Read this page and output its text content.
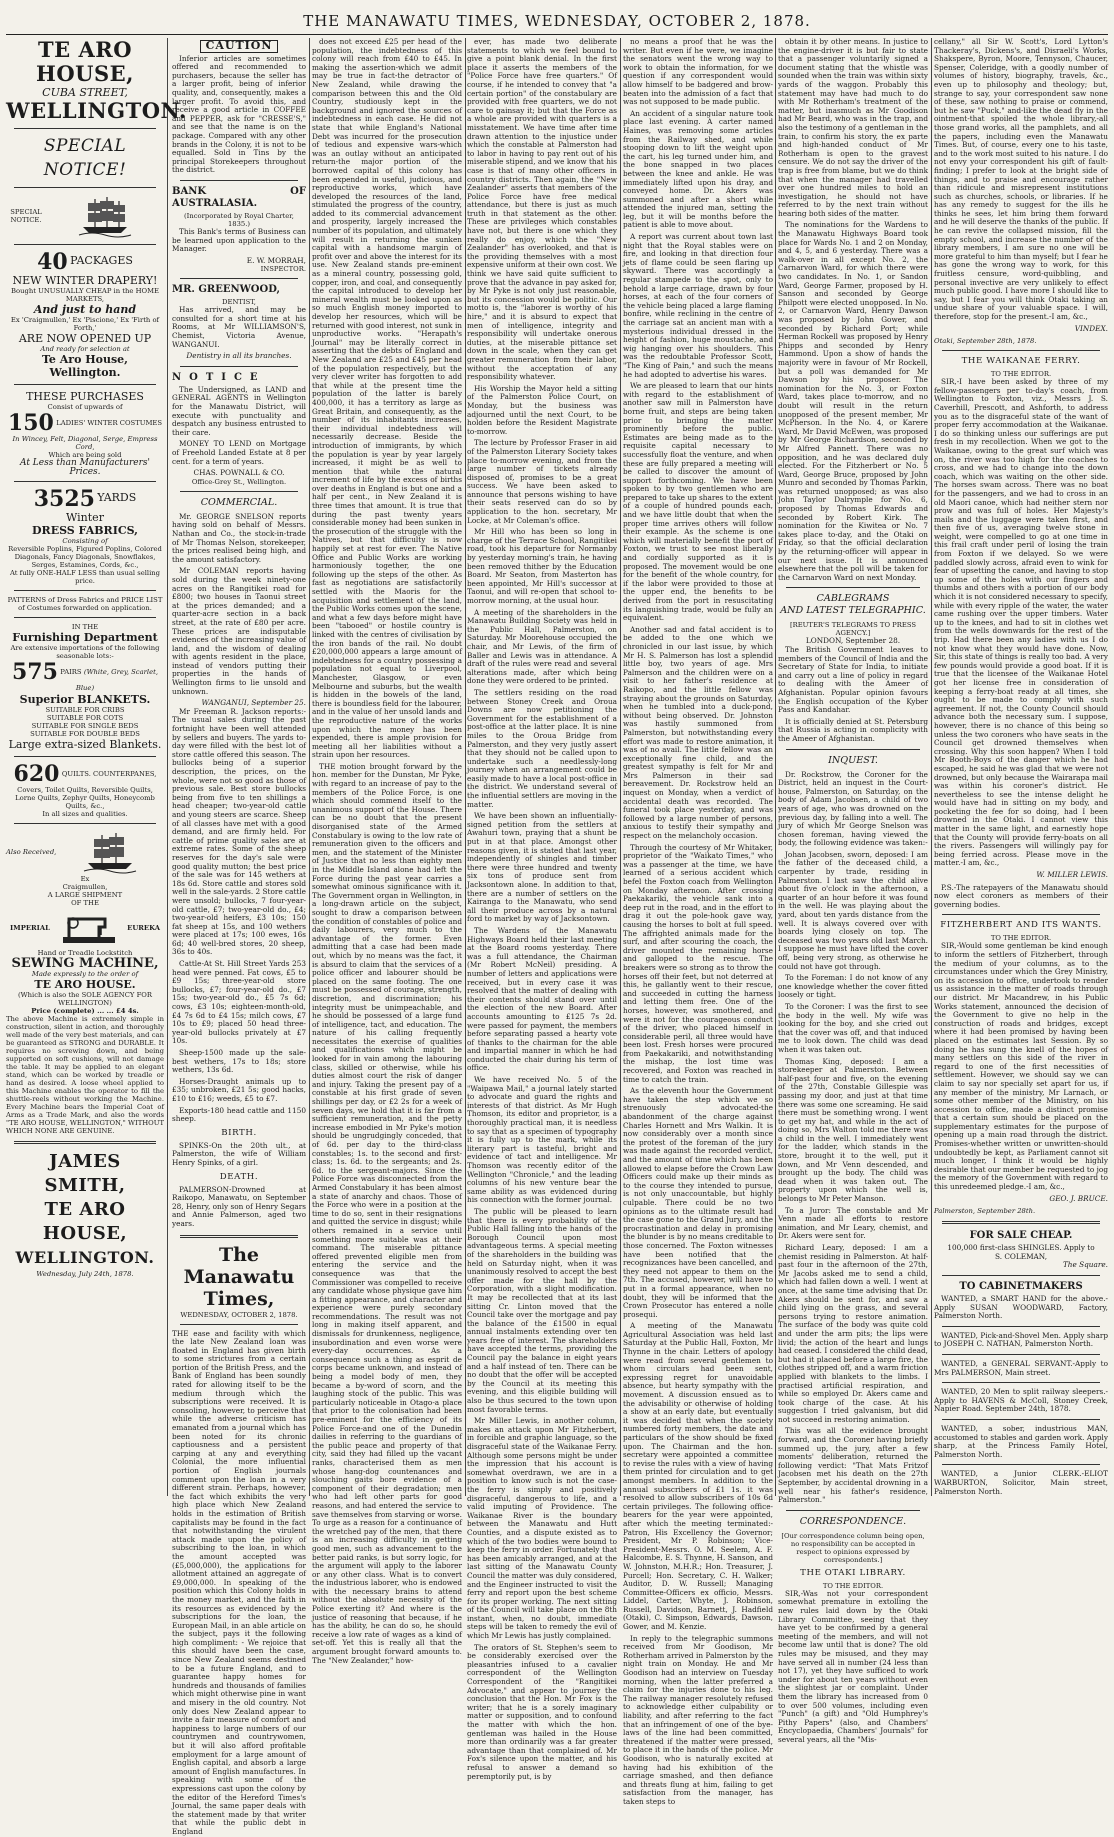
THE MANAWATU TIMES, WEDNESDAY, OCTOBER 2, 1878.
TE ARO HOUSE,
CUBA STREET,
WELLINGTON.
SPECIAL NOTICE!
SPECIAL NOTICE.
40 PACKAGES
NEW WINTER DRAPERY!
Bought UNUSUALLY CHEAP in the HOME MARKETS,
And just to hand
Ex 'Craigmullen,' Ex 'Piscione,' Ex 'Firth of Forth,'
ARE NOW OPENED UP
And ready for selection at
Te Aro House, Wellington.
THESE PURCHASES
Consist of upwards of
150 LADIES' WINTER COSTUMES
In Wincey, Felt, Diagonal, Serge, Empress Cord,
Which are being sold
At Less than Manufacturers' Prices.
3525 YARDS
Winter
DRESS FABRICS,
Consisting of
Reversible Poplins, Figured Poplins, Colored Diagonals, Fancy Diagonals, Snowflakes, Serges, Estamines, Cords, &c.,
At fully ONE-HALF LESS than usual selling price.
PATTERNS of Dress Fabrics and PRICE LIST of Costumes forwarded on application.
IN THE
Furnishing Department
Are extensive importations of the following seasonable lots:-
575 PAIRS (White, Grey, Scarlet, Blue)
Superior BLANKETS.
SUITABLE FOR CRIBS
SUITABLE FOR COTS
SUITABLE FOR SINGLE BEDS
SUITABLE FOR DOUBLE BEDS
Large extra-sized Blankets.
620 QUILTS. COUNTERPANES,
Covers, Toilet Quilts, Reversible Quilts, Lorne Quilts, Zephyr Quilts, Honeycomb Quilts, &c.,
In all sizes and qualities.
Also Received,
Ex
Craigmullen,
A LARGE SHIPMENT
OF THE
IMPERIAL	EUREKA
Hand or Treadle Lockstitch
SEWING MACHINE,
Made expressly to the order of
TE ARO HOUSE.
(Which is also the SOLE AGENCY FOR WELLINGTON)
Price (complete) ... ... £4 4s.
The above Machine is extremely simple in construction, silent in action, and thoroughly well made of the very best materials, and can be guaranteed as STRONG and DURABLE. It requires no screwing down, and being supported on soft cushions, will not damage the table. It may be applied to an elegant stand, which can be worked by treadle or hand as desired. A loose wheel applied to this Machine enables the operator to fill the shuttle-reels without working the Machine. Every Machine bears the Imperial Coat of Arms as a Trade Mark, and also the words "TE ARO HOUSE, WELLINGTON," WITHOUT WHICH NONE ARE GENUINE.
JAMES SMITH,
TE ARO HOUSE,
WELLINGTON.
Wednesday, July 24th, 1878.
CAUTION

Inferior articles are sometimes offered and recommended to purchasers, because the seller has a larger profit, being of inferior quality, and, consequently, makes a larger profit. To avoid this, and receive a good article in COFFEE and PEPPER, ask for "CRESSE'S," and see that the name is on the package. Compared with any other brands in the Colony, it is not to be equalled. Sold in Tins by the principal Storekeepers throughout the district.

BANK OF AUSTRALASIA.
(Incorporated by Royal Charter, 1835.)

This Bank's terms of Business can be learned upon application to the Manager.

E. W. MORRAH,
INSPECTOR.
MR. GREENWOOD,
DENTIST,

Has arrived, and may be consulted for a short time at his Rooms, at Mr WILLIAMSON'S, Chemist, Victoria Avenue, WANGANUI.

Dentistry in all its branches.
NOTICE

The Undersigned, as LAND and GENERAL AGENTS in Wellington for the Manawatu District, will execute with punctuality and despatch any business entrusted to their care.

MONEY TO LEND on Mortgage of Freehold Landed Estate at 8 per cent. for a term of years.

CHAS. POWNALL & CO.
Office-Grey St., Wellington.
COMMERCIAL.

Mr. GEORGE SNELSON reports having sold on behalf of Messrs. Nathan and Co., the stock-in-trade of Mr Thomas Nelson, storekeeper, the prices realised being high, and the amount satisfactory.

Mr COLEMAN reports having sold during the week ninety-one acres on the Rangitikei road for £800; two houses in Taonui street at the prices demanded; and a quarter-acre section in a back street, at the rate of £80 per acre. These prices are indisputable evidences of the increasing value of land, and the wisdom of dealing with agents resident in the place, instead of vendors putting their properties in the hands of Wellington firms to lie unsold and unknown.

WANGANUI, September 25.

Mr Freeman R. Jackson reports:- The usual sales during the past fortnight have been well attended by sellers and buyers. The yards to-day were filled with the best lot of store cattle offered this season. The bullocks being of a superior description, the prices, on the whole, were not so good as those of previous sale. Best store bullocks being from five to ten shillings a head cheaper; two-year-old cattle and young steers are scarce. Sheep of all classes have met with a good demand, and are firmly held. For cattle of prime quality sales are at extreme rates. Some of the sheep reserves for the day's sale were good quality mutton; the best price of the sale was for 145 wethers at 18s 6d. Store cattle and stores sold well in the sale-yards. 2 Store cattle were unsold; bullocks, 7 four-year-old cattle, £7; two-year-old do., £4; two-year-old heifers, £3 10s; 150 fat sheep at 15s, and 100 wethers were placed at 17s; 100 ewes, 16s 6d; 40 well-bred stores, 20 sheep, 36s to 40s.

Cattle-At St. Hill Street Yards 253 head were penned. Fat cows, £5 to £9 15s; three-year-old store bullocks, £7; four-year-old do., £7 15s; two-year-old do., £5 7s 6d; cows, £3 10s; eighteen-month-old, £4 7s 6d to £4 15s; milch cows, £7 10s to £9; placed 50 head three-year-old bullocks privately at £7 10s.

Sheep-1500 made up the sale-best wethers, 17s to 18s; store wethers, 13s 6d.

Horses-Draught animals up to £35; unbroken, £21 5s; good hacks, £10 to £16; weeds, £5 to £7.

Exports-180 head cattle and 1150 sheep.

BIRTH.

SPINKS-On the 20th ult., at Palmerston, the wife of William Henry Spinks, of a girl.

DEATH.

PALMERSON-Drowned at Raikopo, Manawatu, on September 28, Henry, only son of Henry Segars and Annie Palmerson, aged two years.

The Manawatu Times,
WEDNESDAY, OCTOBER 2, 1878.

THE ease and facility with which the late New Zealand loan was floated in England has given birth to some strictures from a certain portion of the British Press, and the Bank of England has been soundly rated for allowing itself to be the medium through which the subscriptions were received. It is consoling, however, to perceive that while the adverse criticism has emanated from a journal which has been noted for its chronic captiousness and a persistent carping at any and everything Colonial, the more influential portion of English journals comment upon the loan in a very different strain. Perhaps, however, the fact which exhibits the very high place which New Zealand holds in the estimation of British capitalists may be found in the fact that notwithstanding the virulent attack made upon the policy of subscribing to the loan, in which the amount accepted was (£5,000,000), the applications for allotment attained an aggregate of £9,000,000. In speaking of the position which this Colony holds in the money market, and the faith in its resources as evidenced by the subscriptions for the loan, the European Mail, in an able article on the subject, pays it the following high compliment: - We rejoice that this should have been the case, since New Zealand seems destined to be a future England, and to guarantee happy homes for hundreds and thousands of families which might otherwise pine in want and misery in the old country. Not only does New Zealand appear to invite a fair measure of comfort and happiness to large numbers of our countrymen and countrywomen, but it will also afford profitable employment for a large amount of English capital, and absorb a large amount of English manufactures. In speaking with some of the expressions cast upon the colony by the editor of the Hereford Times's Journal, the same paper deals with the statement made by that writer that while the public debt in England

does not exceed £25 per head of the population, the indebtedness of this colony will reach from £40 to £45. In making the assertion-which we admit may be true in fact-the detractor of New Zealand, while drawing the comparison between this and the Old Country, studiously kept in the background and ignored the sources of indebtedness in each case. He did not state that while England's National Debt was incurred for the prosecution of tedious and expensive wars-which was an outlay without an anticipated return-the major portion of the borrowed capital of this colony has been expended in useful, judicious, and reproductive works, which have developed the resources of the land, stimulated the progress of the country, added to its commercial advancement and prosperity, largely increased the number of its population, and ultimately will result in returning the sunken capital with a handsome margin of profit over and above the interest for its use. New Zealand stands pre-eminent as a mineral country, possessing gold, copper, iron, and coal, and consequently the capital introduced to develop her mineral wealth must be looked upon as so much English money imported to develop her resources, which will be returned with good interest, not sunk in unproductive works. "Herapath's Journal" may be literally correct in asserting that the debts of England and New Zealand are £25 and £45 per head of the population respectively, but the very clever writer has forgotten to add that while at the present time the population of the latter is barely 400,000, it has a territory as large as Great Britain, and consequently, as the number of its inhabitants increases, their individual indebtedness will necessarily decrease. Beside the introduction of immigrants, by which the population is year by year largely increased, it might be as well to mention that while the natural increment of life by the excess of births over deaths in England is but one and a half per cent., in New Zealand it is three times that amount. It is true that during the past twenty years considerable money had been sunken in the prosecution of the struggle with the Natives, but that difficulty is now happily set at rest for ever. The Native Office and Public Works are working harmoniously together, the one following up the steps of the other. As fast as negotiations are satisfactorily settled with the Maoris for the acquisition and settlement of the land, the Public Works comes upon the scene, and what a few days before might have been "tabooed" or hostile country is linked with the centres of civilisation by the iron bands of the rail. No doubt £20,000,000 appears a large amount of indebtedness for a country possessing a population not equal to Liverpool, Manchester, Glasgow, or even Melbourne and suburbs, but the wealth is hidden in the bowels of the land, there is boundless field for the labourer, and in the value of her unsold lands and the reproductive nature of the works upon which the money has been expended, there is ample provision for meeting all her liabilities without a strain upon her resources.

THE motion brought forward by the hon. member for the Dunstan, Mr Pyke, with regard to an increase of pay to the members of the Police Force, is one which should commend itself to the unanimous support of the House. There can be no doubt that the present disorganised state of the Armed Constabulary is owing to the low rate of remuneration given to the officers and men, and the statement of the Minister of Justice that no less than eighty men in the Middle Island alone had left the Force during the past year carries a somewhat ominous significance with it. The Government organ in Wellington, in a long-drawn article on the subject, sought to draw a comparison between the condition of constables of police and daily labourers, very much to the advantage of the former. Even admitting that a case had been made out, which by no means was the fact, it is absurd to claim that the services of a police officer and labourer should be placed on the same footing. The one must be possessed of courage, strength, discretion, and discrimination; his integrity must be unimpeachable, and he should be possessed of a large fund of intelligence, tact, and education. The nature of his calling frequently necessitates the exercise of qualities and qualifications which might be looked for in vain among the labouring class, skilled or otherwise, while his duties almost court the risk of danger and injury. Taking the present pay of a constable at his first grade of seven shillings per day, or £2 2s for a week of seven days, we hold that it is far from a sufficient remuneration, and the petty increase embodied in Mr Pyke's motion should be ungrudgingly conceded, that of 6d. per day to the third-class constables; 1s. to the second and first-class; 1s. 6d. to the sergeants; and 2s. 6d. to the sergeant-majors. Since the Police Force was disconnected from the Armed Constabulary it has been almost a state of anarchy and chaos. Those of the Force who were in a position at the time to do so, sent in their resignations and quitted the service in disgust; while others remained in a service until something more suitable was at their command. The miserable pittance offered prevented eligible men from entering the service and the consequence was that the Commissioner was compelled to receive any candidate whose physique gave him a fitting appearance, and character and experience were purely secondary recommendations. The result was not long in making itself apparent, and dismissals for drunkenness, negligence, insubordination and even worse were every-day occurrences. As a consequence such a thing as esprit de corps became unknown, and instead of being a model body of men, they became a by-word of scorn, and the laughing stock of the public. This was particularly noticeable in Otago-a place that prior to the colonisation had been pre-eminent for the efficiency of its Police Force-and one of the Dunedin dailies in referring to the guardians of the public peace and property of that city, said they had filled up the vacant ranks, characterised them as men whose hang-dog countenances and slouching gaits bore evidence of a component of their degradation; men who had left other parts for good reasons, and had entered the service to save themselves from starving or worse. To urge as a reason for a continuance of the wretched pay of the men, that there is an increasing difficulty in getting good men, such as advancement to the better paid ranks, is but sorry logic, for the argument will apply to the laborer or any other class. What is to convert the industrious laborer, who is endowed with the necessary brains to attend without the absolute necessity of the Police exerting it? And where is the justice of reasoning that because, if he has the ability, he can do so, he should receive a low rate of wages as a kind of set-off. Yet this is really all that the argument brought forward amounts to. The "New Zealander," how-

ever, has made two deliberate statements to which we feel bound to give a point blank denial. In the first place it asserts the members of the "Police Force have free quarters." Of course, if he intended to convey that "a certain portion" of the constabulary are provided with free quarters, we do not care to gainsay it; but that the Force as a whole are provided with quarters is a misstatement. We have time after time drawn attention to the injustice under which the constable at Palmerston had to labor in having to pay rent out of his miserable stipend, and we know that his case is that of many other officers in country districts. Then again, the "New Zealander" asserts that members of the Police Force have free medical attendance, but there is just as much truth in that statement as the other. These are privileges which constables have not, but there is one which they really do enjoy, which the "New Zealander" has overlooked, and that is the providing themselves with a most expensive uniform at their own cost. We think we have said quite sufficient to prove that the advance in pay asked for, by Mr Pyke is not only just reasonable, but its concession would be politic. Our motto is, the "laborer is worthy of his hire," and it is absurd to expect that men of intelligence, integrity and responsibility will undertake onerous duties, at the miserable pittance set down in the scale, when they can get greater remuneration from their labor, without the acceptation of any responsibility whatever.

His Worship the Mayor held a sitting of the Palmerston Police Court, on Monday, but the business was adjourned until the next Court, to be holden before the Resident Magistrate to-morrow.

The lecture by Professor Fraser in aid of the Palmerston Literary Society takes place to-morrow evening, and from the large number of tickets already disposed of, promises to be a great success. We have been asked to announce that persons wishing to have their seats reserved can do so by application to the hon. secretary, Mr Locke, at Mr Coleman's office.

Mr Hill who has been so long in charge of the Terrace School, Rangitikei road, took his departure for Normanby by yesterday morning's train, he having been removed thither by the Education Board. Mr Seaton, from Masterton has been appointed, Mr Hill's successor at Taonui, and will re-open that school to-morrow morning, at the usual hour.

A meeting of the shareholders in the Manawatu Building Society was held in the Public Hall, Palmerston, on Saturday. Mr Moorehouse occupied the chair, and Mr Lewis, of the firm of Baller and Lewis was in attendance. A draft of the rules were read and several alterations made, after which being done they were ordered to be printed.

The settlers residing on the road between Stoney Creek and Oroua Downs are now petitioning the Government for the establishment of a post-office at the latter place. It is nine miles to the Oroua Bridge from Palmerston, and they very justly assert that they should not be called upon to undertake such a needlessly-long journey when an arrangement could be easily made to have a local post-office in the district. We understand several of the influential settlers are moving in the matter.

We have been shown an influentially-signed petition from the settlers at Awahuri town, praying that a shunt be put in at that place. Amongst other reasons given, it is stated that last year, independently of shingles and timber there were three hundred and twenty six tons of produce sent from Jacksontown alone. In addition to that, there are a number of settlers on the Kairanga to the Manawatu, who send all their produce across by a natural ford to market by way of Jacksontown.

The Wardens of the Manawatu Highways Board held their last meeting at the Board rooms yesterday. There was a full attendance, the Chairman (Mr Robert McNeil) presiding. A number of letters and applications were received, but in every case it was resolved that the matter of dealing with their contents should stand over until the election of the new Board. After accounts amounting to £125 7s 2d. were passed for payment, the members before separating passed a hearty vote of thanks to the chairman for the able and impartial manner in which he had conducted the chair during his term of office.

We have received No. 5 of the "Waipawa Mail," a journal lately started to advocate and guard the rights and interests of that district. As Mr Hugh Thomson, its editor and proprietor, is a thoroughly practical man, it is needless to say that as a specimen of typography it is fully up to the mark, while its literary part is tasteful, bright and evidence of tact and intelligence. Mr Thomson was recently editor of the Wellington "Chronicle," and the leading columns of his new venture bear the same ability as was evidenced during his connection with the former journal.

The public will be pleased to learn that there is every probability of the Public Hall falling into the hands of the Borough Council upon most advantageous terms. A special meeting of the shareholders in the building was held on Saturday night, when it was unanimously resolved to accept the best offer made for the hall by the Corporation, with a slight modification. It may be recollected that at its last sitting Cr. Linton moved that the Council take over the mortgage and pay the balance of the £1500 in equal annual instalments extending over ten years free of interest. The shareholders have accepted the terms, providing the Council pay the balance in eight years and a half instead of ten. There can be no doubt that the offer will be accepted by the Council at its meeting this evening, and this eligible building will also be thus secured to the town upon most favorable terms.

Mr Miller Lewis, in another column, makes an attack upon Mr Fitzherbert, in forcible and graphic language, so the disgraceful state of the Waikanae Ferry. Although some persons might be under the impression that his account is somewhat overdrawn, we are in a position to know such is not the case-the ferry is simply and positively disgraceful, dangerous to life, and a valid imputing of Providence. The Waikanae River is the boundary between the Manawatu and Hutt Counties, and a dispute existed as to which of the two bodies were bound to keep the ferry in order. Fortunately that has been amicably arranged, and at the last sitting of the Manawatu County Council the matter was duly considered, and the Engineer instructed to visit the ferry and report upon the best scheme for its proper working. The next sitting of the Council will take place on the 8th instant, when, no doubt, immediate steps will be taken to remedy the evil of which Mr Lewis has justly complained.

The orators of St. Stephen's seem to be considerably exercised over the pleasantries infused to a cavalier correspondent of the Wellington Correspondent of the "Rangitikei Advocate," and appear to journey the conclusion that the Hon. Mr Fox is the writer; that he is a sorely imaginary matter or supposition, and to confound the matter with which the hon. gentleman was hailed in the House more than ordinarily was a far greater advantage than that complained of. Mr Fox's silence upon the matter, and his refusal to answer a demand so peremptorily put, is by

no means a proof that he was the writer. But even if he were, we imagine the senators went the wrong way to work to obtain the information, for we question if any correspondent would allow himself to be badgered and brow-beaten into the admission of a fact that was not supposed to be made public.

An accident of a singular nature took place last evening. A carter named Haines, was removing some articles from the Railway shed, and while stooping down to lift the weight upon the cart, his leg turned under him, and the bone snapped in two places between the knee and ankle. He was immediately lifted upon his dray, and conveyed home. Dr. Akers was summoned and after a short while attended the injured man, setting the leg, but it will be months before the patient is able to move about.

A report was current about town last night that the Royal stables were on fire, and looking in that direction four jets of flame could be seen flaring up skyward. There was accordingly a regular stampede to the spot, only to behold a large carriage, drawn by four horses, at each of the four corners of the vehicle being placed a large flaming bonfire, while reclining in the centre of the carriage sat an ancient man with a mysterious individual dressed in the height of fashion, huge moustache, and wig hanging over his shoulders. This was the redoubtable Professor Scott, "The King of Pain," and such the means he had adopted to advertise his wares.

We are pleased to learn that our hints with regard to the establishment of another saw mill in Palmerston have borne fruit, and steps are being taken prior to bringing the matter prominently before the public. Estimates are being made as to the requisite capital necessary to successfully float the venture, and when these are fully prepared a meeting will be called to discover the amount of support forthcoming. We have been spoken to by two gentlemen who are prepared to take up shares to the extent of a couple of hundred pounds each, and we have little doubt that when the proper time arrives others will follow their example. As the scheme is one which will materially benefit the port of Foxton, we trust to see most liberally and cordially supported as it is proposed. The movement would be one for the benefit of the whole country, for if the labor were provided to those at the upper end, the benefits to be derived from the port in resuscitating its languishing trade, would be fully an equivalent.

Another sad and fatal accident is to be added to the one which we chronicled in our last issue, by which Mr H. S. Palmerson has lost a splendid little boy, two years of age. Mrs Palmerson and the children were on a visit to her father's residence at Raikopo, and the little fellow was straying about the grounds on Saturday, when he tumbled into a duck-pond, without being observed. Dr. Johnston was hastily summoned from Palmerston, but notwithstanding every effort was made to restore animation, it was of no avail. The little fellow was an exceptionally fine child, and the greatest sympathy is felt for Mr and Mrs Palmerson in their sad bereavement. Dr. Rockstrow held an inquest on Monday, when a verdict of accidental death was recorded. The funeral took place yesterday, and was followed by a large number of persons, anxious to testify their sympathy and respect on the melancholy occasion.

Through the courtesy of Mr Whitaker, proprietor of the "Waikato Times," who was a passenger at the time, we have learned of a serious accident which befel the Foxton coach from Wellington on Monday afternoon. After crossing Paekakariki, the vehicle sank into a deep rut in the road, and in the effort to drag it out the pole-hook gave way, causing the horses to bolt at full speed. The affrighted animals made for the surf, and after scouring the coach, the driver mounted the remaining horse and galloped to the rescue. The breakers were so strong as to throw the horses off their feet, but not deterred at this, he gallantly went to their rescue, and succeeded in cutting the harness and letting them free. One of the horses, however, was smothered, and were it not for the courageous conduct of the driver, who placed himself in considerable peril, all three would have been lost. Fresh horses were procured from Paekakariki, and notwithstanding the mishap, the lost time was recovered, and Foxton was reached in time to catch the train.

As the eleventh hour the Government have taken the step which we so strenuously advocated-the abandonment of the charge against Charles Hornett and Mrs Walkin. It is now considerably over a month since the protest of the foreman of the jury was made against the recorded verdict, and the amount of time which has been allowed to elapse before the Crown Law Officers could make up their minds as to the course they intended to pursue, is not only unaccountable, but highly culpable. There could be no two opinions as to the ultimate result had the case gone to the Grand Jury, and the procrastination and delay in promising the blunder is by no means creditable to those concerned. The Foxton witnesses have been notified that the recognizances have been cancelled, and they need not appear to them on the 7th. The accused, however, will have to put in a formal appearance, when no doubt, they will be informed that the Crown Prosecutor has entered a nolle prosequi.

A meeting of the Manawatu Agricultural Association was held last Saturday at the Public Hall, Foxton, Mr Thynne in the chair. Letters of apology were read from several gentlemen to whom circulars had been sent, expressing regret for unavoidable absence, but hearty sympathy with the movement. A discussion ensued as to the advisability or otherwise of holding a show at an early date, but eventually it was decided that when the society numbered forty members, the date and particulars of the show should be fixed upon. The Chairman and the hon. secretary were appointed a committee to revise the rules with a view of having them printed for circulation and to get amongst members. In addition to the annual subscribers of £1 1s. it was resolved to allow subscribers of 10s 6d certain privileges. The following office-bearers for the year were appointed, after which the meeting terminated:-Patron, His Excellency the Governor; President, Mr P. Robinson; Vice-President-Messrs. O. M. Seelem, A. F. Halcombe, E. S. Thynne, H. Sanson, and W. Johnston, M.H.R.; Hon. Treasurer, J. Purcell; Hon. Secretary, C. H. Walker; Auditor, D. W. Russell; Managing Committee-Officers ex officio, Messrs. Liddel, Carter, Whyte, J. Robinson, Russell, Davidson, Barnett, J. Hadfield (Otaki), C. Simpson, Edwards, Dawson, Gower, and M. Kenzie.

In reply to the telegraphic summons received from Mr Goodison, Mr Rotherham arrived in Palmerston by the night train on Monday. He and Mr Goodison had an interview on Tuesday morning, when the latter preferred a claim for the injuries done to his leg. The railway manager resolutely refused to acknowledge either culpability or liability, and after referring to the fact that an infringement of one of the bye-laws of the line had been committed, threatened if the matter were pressed, to place it in the hands of the police. Mr Goodison, who is naturally excited at having had his exhibition of the carriage smashed, and then defiance and threats flung at him, failing to get satisfaction from the manager, has taken steps to

obtain it by other means. In justice to the engine-driver it is but fair to state that a passenger voluntarily signed a document stating that the whistle was sounded when the train was within sixty yards of the waggon. Probably this statement may have had much to do with Mr Rotherham's treatment of the matter, but inasmuch as Mr Goodison had Mr Beard, who was in the trap, and also the testimony of a gentleman in the train, to confirm his story, the ex parte and high-handed conduct of Mr Rotherham is open to the gravest censure. We do not say the driver of the trap is free from blame, but we do think that when the manager had travelled over one hundred miles to hold an investigation, he should not have referred to by the next train without hearing both sides of the matter.

The nominations for the Wardens to the Manawatu Highways Board took place for Wards No. 1 and 2 on Monday, and 4, 5, and 6 yesterday. There was a walk-over in all except No. 2, the Carnarvon Ward, for which there were two candidates. In No. 1, or Sandon Ward, George Farmer, proposed by H. Sanson and seconded by George Philpott were elected unopposed. In No. 2, or Carnarvon Ward, Henry Dawson was proposed by John Gower, and seconded by Richard Port; while Herman Rockell was proposed by Henry Phipps and seconded by Henry Hammond. Upon a show of hands the majority were in favour of Mr Rockell, but a poll was demanded for Mr Dawson by his proposer. The nomination for the No. 3, or Foxton Ward, takes place to-morrow, and no doubt will result in the return unopposed of the present member, Mr McPherson. In the No. 4, or Karere Ward, Mr David McEwen, was proposed by Mr George Richardson, seconded by Mr Alfred Pannett. There was no opposition, and he was declared duly elected. For the Fitzherbert or No. 5 Ward, George Bruce, proposed by John Munro and seconded by Thomas Parkin, was returned unopposed; as was also John Taylor Dalrymple for No. 6, proposed by Thomas Edwards and seconded by Robert Kirk. The nomination for the Kiwitea or No. 7 takes place to-day, and the Otaki on Friday, so that the official declaration by the returning-officer will appear in our next issue. It is announced elsewhere that the poll will be taken for the Carnarvon Ward on next Monday.

CABLEGRAMS
AND LATEST TELEGRAPHIC.
[REUTER'S TELEGRAMS TO PRESS AGENCY.]
LONDON, September 28.

The British Government leaves to members of the Council of India and the Secretary of State for India, to initiate and carry out a line of policy in regard to dealing with the Ameer of Afghanistan. Popular opinion favours the English occupation of the Kyber Pass and Kandahar.

It is officially denied at St. Petersburg that Russia is acting in complicity with the Ameer of Afghanistan.

INQUEST.

Dr. Rockstrow, the Coroner for the District, held an inquest in the Court-house, Palmerston, on Saturday, on the body of Adam Jacobsen, a child of two years of age, who was drowned on the previous day, by falling into a well. The jury of which Mr George Snelson was chosen foreman, having viewed the body, the following evidence was taken:-

Johan Jacobsen, sworn, deposed: I am the father of the deceased child, a carpenter by trade, residing in Palmerston. I last saw the child alive about five o'clock in the afternoon, a quarter of an hour before it was found in the well. He was playing about the yard, about ten yards distance from the well. It is always covered over with boards lying closely on top. The deceased was two years old last March. I suppose he must have lifted the cover off, being very strong, as otherwise he could not have got through.

To the Foreman: I do not know of any one knowledge whether the cover fitted loosely or tight.

To the Coroner: I was the first to see the body in the well. My wife was looking for the boy, and she cried out that the cover was off, and that induced me to look down. The child was dead when it was taken out.

Thomas King, deposed: I am a storekeeper at Palmerston. Between half-past four and five, on the evening of the 27th, Constable Gillespie was passing my door, and just at that time there was some one screaming. He said there must be something wrong. I went to get my hat, and while in the act of doing so, Mrs Walton told me there was a child in the well. I immediately went for the ladder, which stands in the store, brought it to the well, put it down, and Mr Venn descended, and brought up the body. The child was dead when it was taken out. The property upon which the well is, belongs to Mr Peter Manson.

To a Juror: The constable and Mr Venn made all efforts to restore animation, and Mr Leary, chemist, and Dr. Akers were sent for.

Richard Leary, deposed: I am a chemist residing in Palmerston. At half-past four in the afternoon of the 27th, Mr Jacobs asked me to send a child, which had fallen down a well. I went at once, at the same time advising that Dr. Akers should be sent for, and saw a child lying on the grass, and several persons trying to restore animation. The surface of the body was quite cold and under the arm pits; the lips were livid; the action of the heart and lungs had ceased. I considered the child dead, but had it placed before a large fire, the clothes stripped off, and a warm friction applied with blankets to the limbs. I practised artificial respiration, and while so employed Dr. Akers came and took charge of the case. At his suggestion I tried galvanism, but did not succeed in restoring animation.

This was all the evidence brought forward, and the Coroner having briefly summed up, the jury, after a few moments' deliberation, returned the following verdict: "That Mats Fritzof Jacobsen met his death on the 27th September, by accidental drowning in a well near his father's residence, Palmerston."

CORRESPONDENCE.
[Our correspondence column being open, no responsibility can be accepted in respect to opinions expressed by correspondents.]
THE OTAKI LIBRARY.
TO THE EDITOR.

SIR,-Was not your correspondent somewhat premature in extolling the new rules laid down by the Otaki Library Committee, seeing that they have yet to be confirmed by a general meeting of the members, and will not become law until that is done? The old rules may be misused, and they may have served all in number (24 less than not 17), yet they have sufficed to work under for about ten years without even the slightest jar or complaint. Under them the library has increased from 0 to over 500 volumes, including even "Punch" (a gift) and "Old Humphrey's Pithy Papers" (also, and Chambers' Encyclopaedia, Chambers' Journals" for several years, all the "Mis-

cellany," all Sir W. Scott's, Lord Lytton's Thackeray's, Dickens's, and Disraeli's Works, Shakspere, Byron, Moore, Tennyson, Chaucer, Spenser, Coleridge, with a goodly number of volumes of history, biography, travels, &c., even up to philosophy and theology; but, strange to say, your correspondent saw none of these, saw nothing to praise or commend, but he saw "Puck," and-like the dead fly in the ointment-that spoiled the whole library,-all those grand works, all the pamphlets, and all the papers, including even the Manawatu Times. But, of course, every one to his taste, and to the work most suited to his nature. I do not envy your correspondent his gift of fault-finding; I prefer to look at the bright side of things, and to praise and encourage rather than ridicule and misrepresent institutions such as churches, schools, or libraries. If he has any remedy to suggest for the ills he thinks he sees, let him bring them forward and he will deserve the thanks of the public. If he can revive the collapsed mission, fill the empty school, and increase the number of the library members, I am sure no one will be more grateful to him than myself; but I fear he has gone the wrong way to work, for this fruitless censure, word-quibbling, and personal invective are very unlikely to effect much public good. I have more I should like to say, but I fear you will think Otaki taking an undue share of your valuable space. I will, therefore, stop for the present.-I am, &c.,

VINDEX.
Otaki, September 28th, 1878.
THE WAIKANAE FERRY.
TO THE EDITOR.

SIR,-I have been asked by three of my fellow-passengers per to-day's coach, from Wellington to Foxton, viz., Messrs J. S. Caverhill, Prescott, and Ashforth, to address you as to the disgraceful state of the want of proper ferry accommodation at the Waikanae. I do so thinking unless our sufferings are put fresh in my recollection. When we got to the Waikanae, owing to the great surf which was on, the river was too high for the coaches to cross, and we had to change into the down coach, which was waiting on the other side. The horses swam across. There was no boat for the passengers, and we had to cross in an old Maori canoe, which had neither stern nor prow and was full of holes. Her Majesty's mails and the luggage were taken first, and then five of us, averaging twelve stone in weight, were compelled to go at one time in this frail craft under peril of losing the train from Foxton if we delayed. So we were paddled slowly across, afraid even to wink for fear of upsetting the canoe, and having to stop up some of the holes with our fingers and thumbs and others with a portion of our body which it is not considered necessary to specify, while with every ripple of the water, the water came rushing over the upper timbers. Water up to the knees, and had to sit in clothes wet from the wells downwards for the rest of the trip. Had there been any ladies with us I do not know what they would have done. Now, Sir, this state of things is really too bad. A very few pounds would provide a good boat. If it is true that the licensee of the Waikanae Hotel got her license free in consideration of keeping a ferry-boat ready at all times, she ought to be made to comply with such agreement. If not, the County Council should advance both the necessary sum. I suppose, however, there is no chance of this being so unless the two coroners who have seats in the Council get drowned themselves when crossing. Why this soon happen? When I told Mr Booth-Boys of the danger which he had escaped, he said he was glad that we were not drowned, but only because the Wairarapa mail was within his coroner's district. He nevertheless to see the intense delight he would have had in sitting on my body, and pocketing the fee for so doing, had I been drowned in the Otaki. I cannot view this matter in the same light, and earnestly hope that the County will provide ferry-boats on all the rivers. Passengers will willingly pay for being ferried across. Please move in the matter.-I am, &c.,

W. MILLER LEWIS.

P.S.-The ratepayers of the Manawatu should now elect coroners as members of their governing bodies.

FITZHERBERT AND ITS WANTS.
TO THE EDITOR.

SIR,-Would some gentleman be kind enough to inform the settlers of Fitzherbert, through the medium of your columns, as to the circumstances under which the Grey Ministry, on its accession to office, undertook to render us assistance in the matter of roads through our district. Mr Macandrew, in his Public Works statement, announced the decision of the Government to give no help in the construction of roads and bridges, except where it had been promised by having been placed on the estimates last Session. By so doing he has sung the knell of the hopes of many settlers on this side of the river in regard to one of the first necessities of settlement. However, we should say we can claim to say nor specially set apart for us, if any member of the ministry, Mr Larnach, or some other member of the Ministry, on his accession to office, made a distinct promise that a certain sum should be placed on the supplementary estimates for the purpose of opening up a main road through the district. Promises-whether written or unwritten-should undoubtedly be kept, as Parliament cannot sit much longer, I think it would be highly desirable that our member be requested to jog the memory of the Government with regard to this unredeemed pledge.-I am, &c.,

GEO. J. BRUCE.
Palmerston, September 28th.
FOR SALE CHEAP.
100,000 first-class SHINGLES. Apply to
S. COLEMAN,
The Square.
TO CABINETMAKERS

WANTED, a SMART HAND for the above.-Apply SUSAN WOODWARD, Factory, Palmerston North.

WANTED, Pick-and-Shovel Men. Apply sharp to JOSEPH C. NATHAN, Palmerston North.

WANTED, a GENERAL SERVANT.-Apply to Mrs PALMERSON, Main street.

WANTED, 20 Men to split railway sleepers.-Apply to HAVENS & McColl, Stoney Creek, Napier Road. September 24th, 1878.

WANTED, a sober, industrious MAN, accustomed to stables and garden work. Apply sharp, at the Princess Family Hotel, Palmerston North.

WANTED, a Junior CLERK.-ELIOT WARBURTON, Solicitor, Main street, Palmerston North.
